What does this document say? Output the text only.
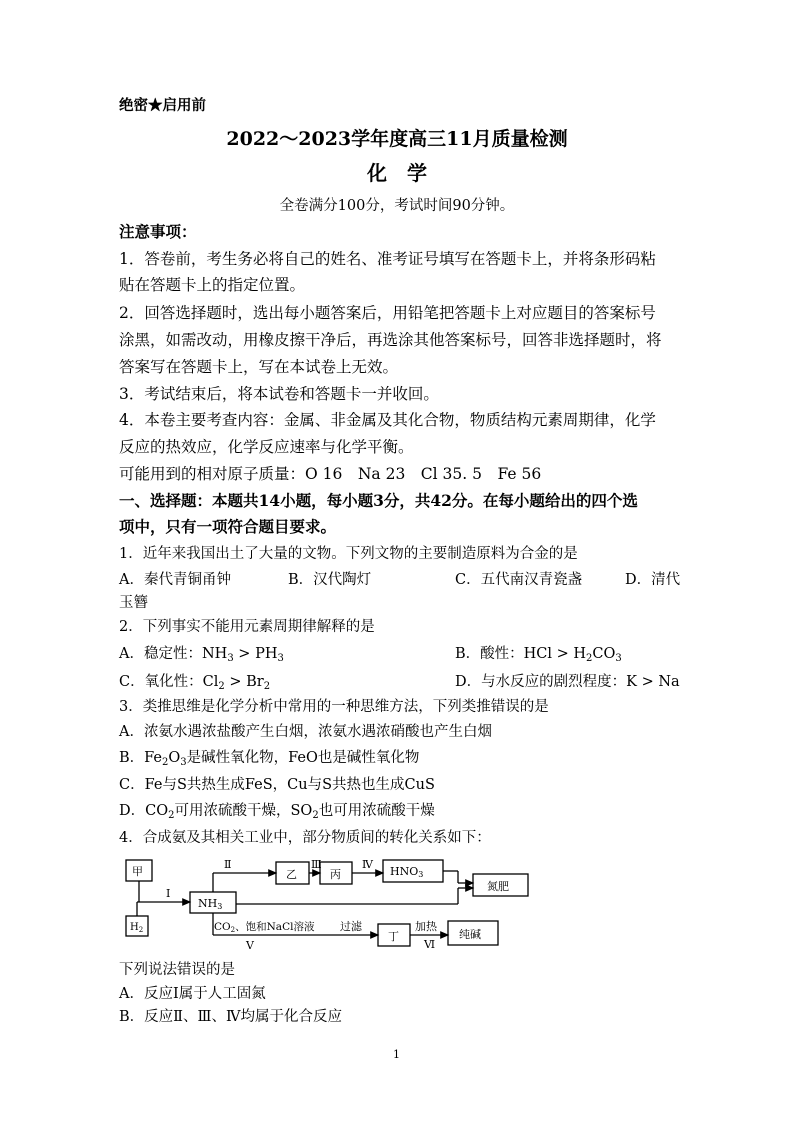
绝密★启用前
2022～2023学年度高三11月质量检测
化　学
全卷满分100分，考试时间90分钟。
注意事项：
1．答卷前，考生务必将自己的姓名、准考证号填写在答题卡上，并将条形码粘
贴在答题卡上的指定位置。
2．回答选择题时，选出每小题答案后，用铅笔把答题卡上对应题目的答案标号
涂黑，如需改动，用橡皮擦干净后，再选涂其他答案标号，回答非选择题时，将
答案写在答题卡上，写在本试卷上无效。
3．考试结束后，将本试卷和答题卡一并收回。
4．本卷主要考查内容：金属、非金属及其化合物，物质结构元素周期律，化学
反应的热效应，化学反应速率与化学平衡。
可能用到的相对原子质量：O 16　Na 23　Cl 35. 5　Fe 56
一、选择题：本题共14小题，每小题3分，共42分。在每小题给出的四个选
项中，只有一项符合题目要求。
1．近年来我国出土了大量的文物。下列文物的主要制造原料为合金的是
A．秦代青铜甬钟	B．汉代陶灯	C．五代南汉青瓷盏	D．清代
玉簪
2．下列事实不能用元素周期律解释的是
A．稳定性：$NH_3 > PH_3$	B．酸性：HCl > $H_2CO_3$
C．氧化性：$Cl_2 > Br_2$	D．与水反应的剧烈程度：K > Na
3．类推思维是化学分析中常用的一种思维方法，下列类推错误的是
A．浓氨水遇浓盐酸产生白烟，浓氨水遇浓硝酸也产生白烟
B．$Fe_2O_3$是碱性氧化物，FeO也是碱性氧化物
C．Fe与S共热生成FeS，Cu与S共热也生成CuS
D．$CO_2$可用浓硫酸干燥，$SO_2$也可用浓硫酸干燥
4．合成氨及其相关工业中，部分物质间的转化关系如下：
甲
$H_2$
NH3
乙	丙	HNO3
氮肥
丁	纯碱
Ⅰ
Ⅱ	Ⅲ	Ⅳ
Ⅴ	Ⅵ
CO2、饱和NaCl溶液 过滤	加热
下列说法错误的是
A．反应Ⅰ属于人工固氮
B．反应Ⅱ、Ⅲ、Ⅳ均属于化合反应
1
